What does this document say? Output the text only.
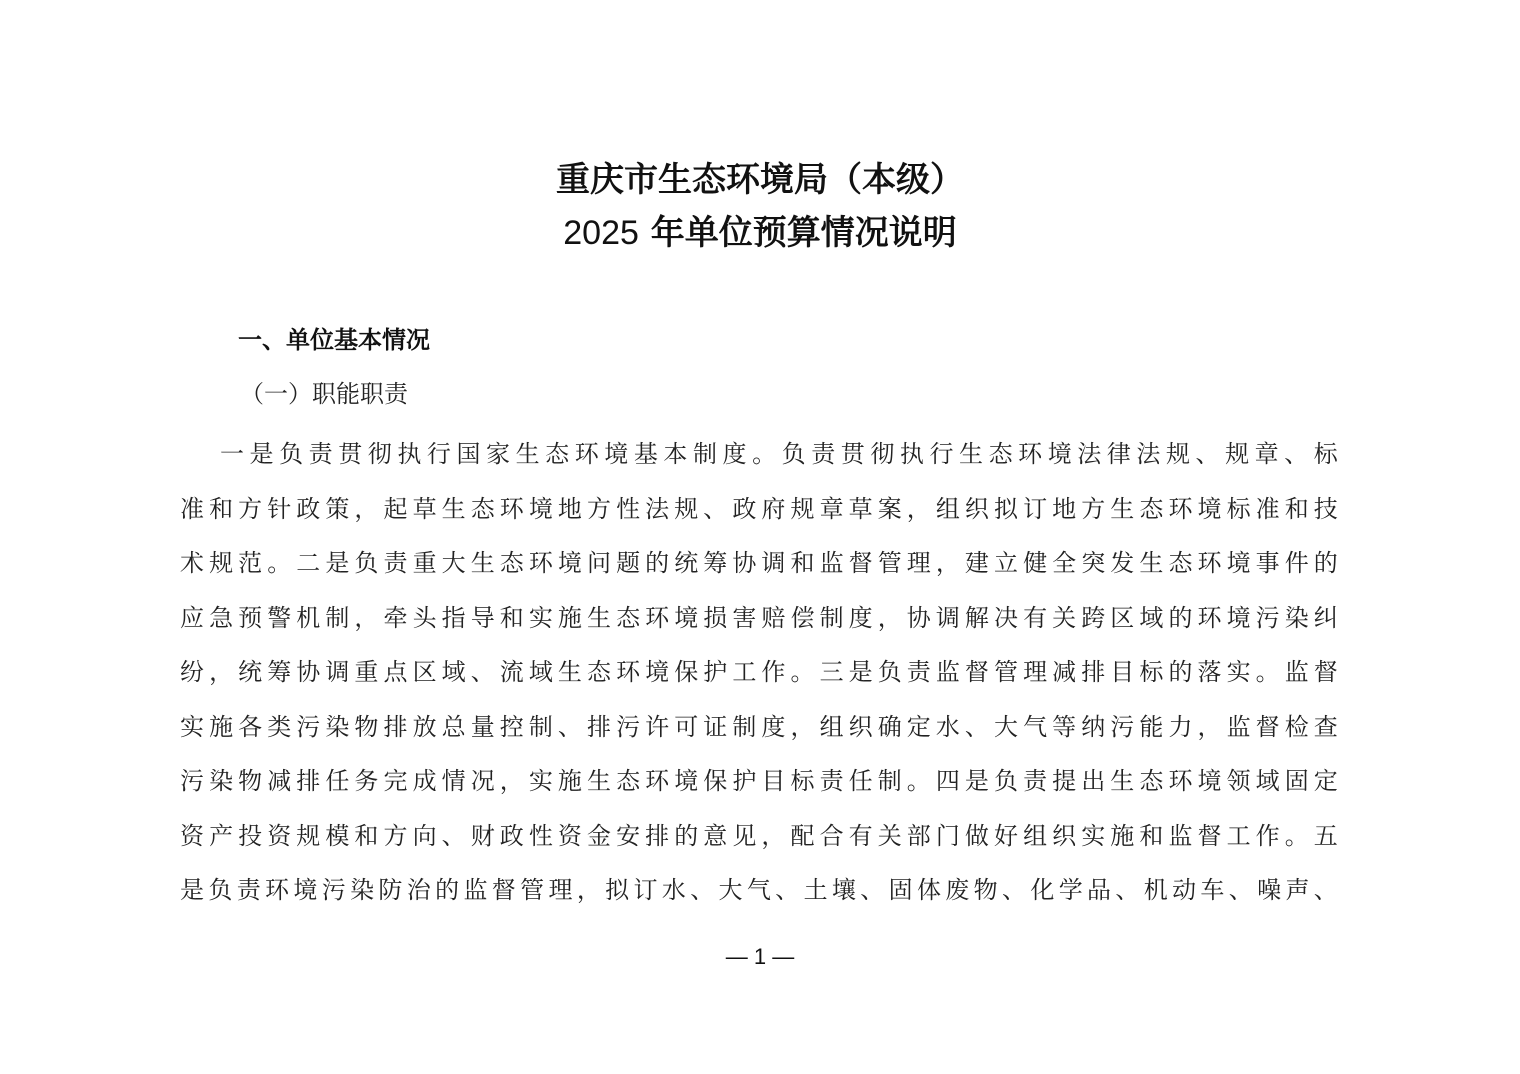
重庆市生态环境局（本级）
2025 年单位预算情况说明
一、单位基本情况
（一）职能职责
一是负责贯彻执行国家生态环境基本制度。负责贯彻执行生态环境法律法规、规章、标
准和方针政策，起草生态环境地方性法规、政府规章草案，组织拟订地方生态环境标准和技
术规范。二是负责重大生态环境问题的统筹协调和监督管理，建立健全突发生态环境事件的
应急预警机制，牵头指导和实施生态环境损害赔偿制度，协调解决有关跨区域的环境污染纠
纷，统筹协调重点区域、流域生态环境保护工作。三是负责监督管理减排目标的落实。监督
实施各类污染物排放总量控制、排污许可证制度，组织确定水、大气等纳污能力，监督检查
污染物减排任务完成情况，实施生态环境保护目标责任制。四是负责提出生态环境领域固定
资产投资规模和方向、财政性资金安排的意见，配合有关部门做好组织实施和监督工作。五
是负责环境污染防治的监督管理，拟订水、大气、土壤、固体废物、化学品、机动车、噪声、
— 1 —
